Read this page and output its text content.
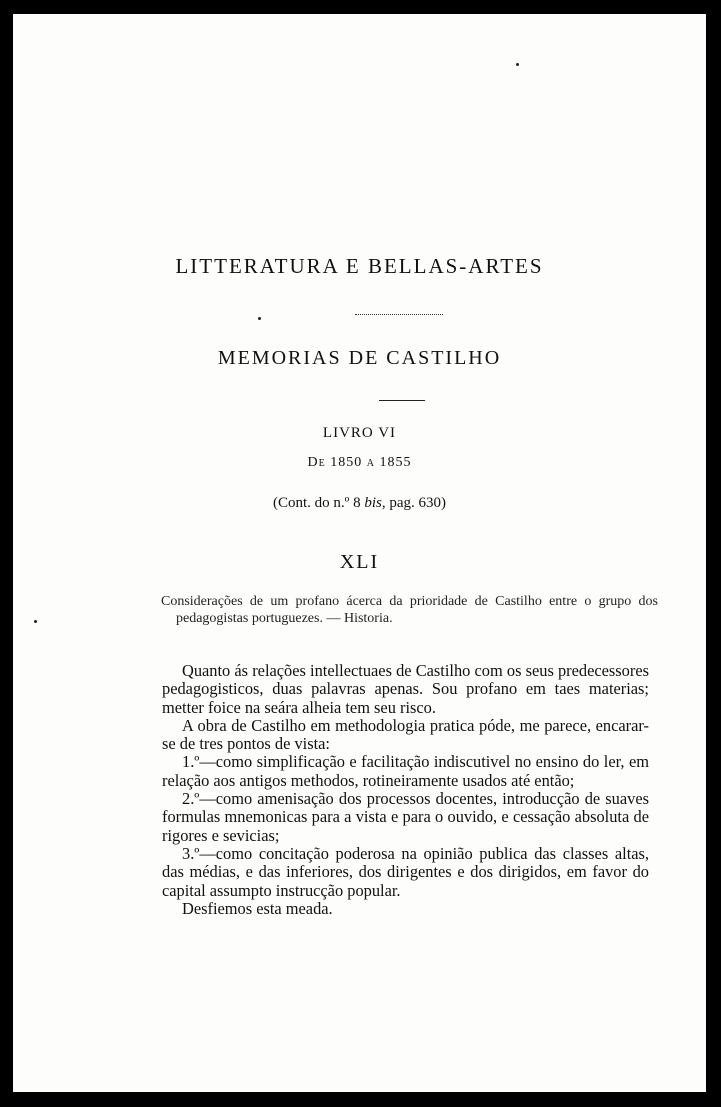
LITTERATURA E BELLAS-ARTES
MEMORIAS DE CASTILHO
LIVRO VI
De 1850 a 1855
(Cont. do n.º 8 bis, pag. 630)
XLI
Considerações de um profano ácerca da prioridade de Castilho entre o grupo dos pedagogistas portuguezes. — Historia.

Quanto ás relações intellectuaes de Castilho com os seus predecessores pedagogisticos, duas palavras apenas. Sou profano em taes materias; metter foice na seára alheia tem seu risco.

A obra de Castilho em methodologia pratica póde, me parece, encarar-se de tres pontos de vista:

1.º—como simplificação e facilitação indiscutivel no ensino do ler, em relação aos antigos methodos, rotineiramente usados até então;

2.º—como amenisação dos processos docentes, introducção de suaves formulas mnemonicas para a vista e para o ouvido, e cessação absoluta de rigores e sevicias;

3.º—como concitação poderosa na opinião publica das classes altas, das médias, e das inferiores, dos dirigentes e dos dirigidos, em favor do capital assumpto instrucção popular.

Desfiemos esta meada.
